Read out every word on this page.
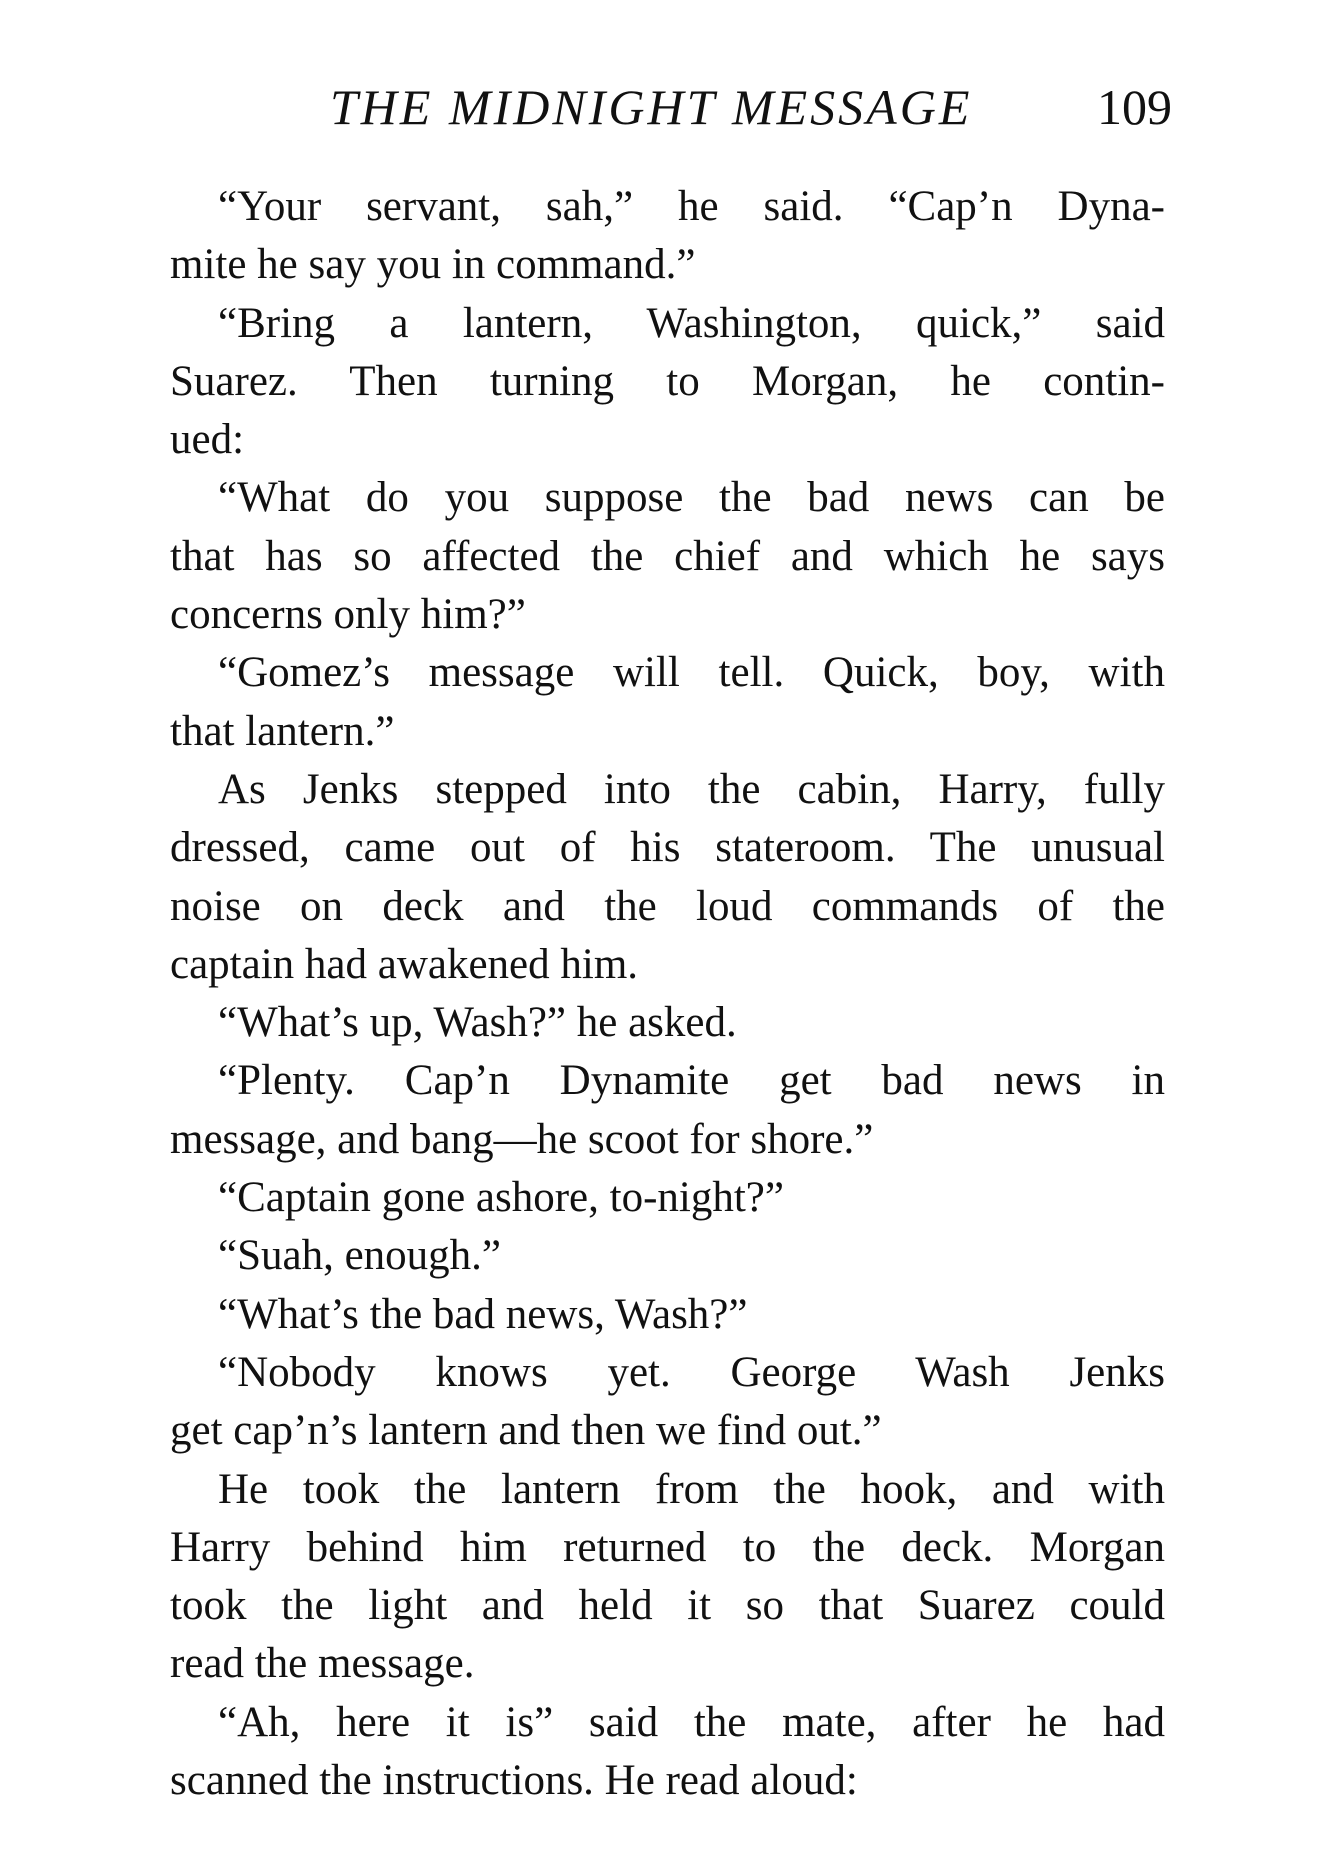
THE MIDNIGHT MESSAGE 109
“Your servant, sah,” he said. “Cap’n Dyna-
mite he say you in command.”
“Bring a lantern, Washington, quick,” said
Suarez. Then turning to Morgan, he contin-
ued:
“What do you suppose the bad news can be
that has so affected the chief and which he says
concerns only him?”
“Gomez’s message will tell. Quick, boy, with
that lantern.”
As Jenks stepped into the cabin, Harry, fully
dressed, came out of his stateroom. The unusual
noise on deck and the loud commands of the
captain had awakened him.
“What’s up, Wash?” he asked.
“Plenty. Cap’n Dynamite get bad news in
message, and bang—he scoot for shore.”
“Captain gone ashore, to-night?”
“Suah, enough.”
“What’s the bad news, Wash?”
“Nobody knows yet. George Wash Jenks
get cap’n’s lantern and then we find out.”
He took the lantern from the hook, and with
Harry behind him returned to the deck. Morgan
took the light and held it so that Suarez could
read the message.
“Ah, here it is” said the mate, after he had
scanned the instructions. He read aloud:
